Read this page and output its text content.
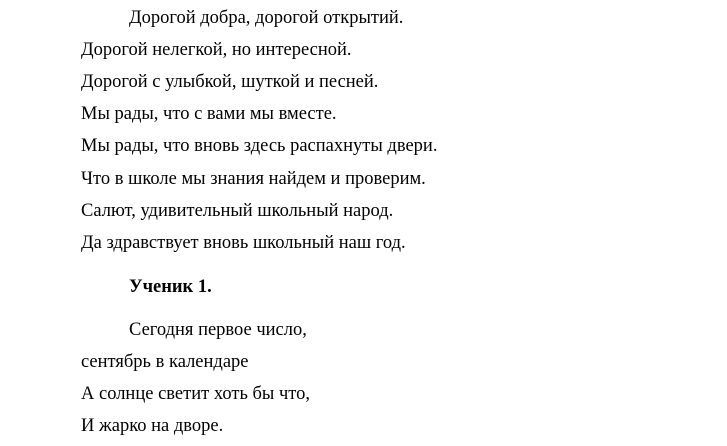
Дорогой добра, дорогой открытий.
Дорогой нелегкой, но интересной.
Дорогой с улыбкой, шуткой и песней.
Мы рады, что с вами мы вместе.
Мы рады, что вновь здесь распахнуты двери.
Что в школе мы знания найдем и проверим.
Салют, удивительный школьный народ.
Да здравствует вновь школьный наш год.
Ученик 1.
Сегодня первое число,
сентябрь в календаре
А солнце светит хоть бы что,
И жарко на дворе.
